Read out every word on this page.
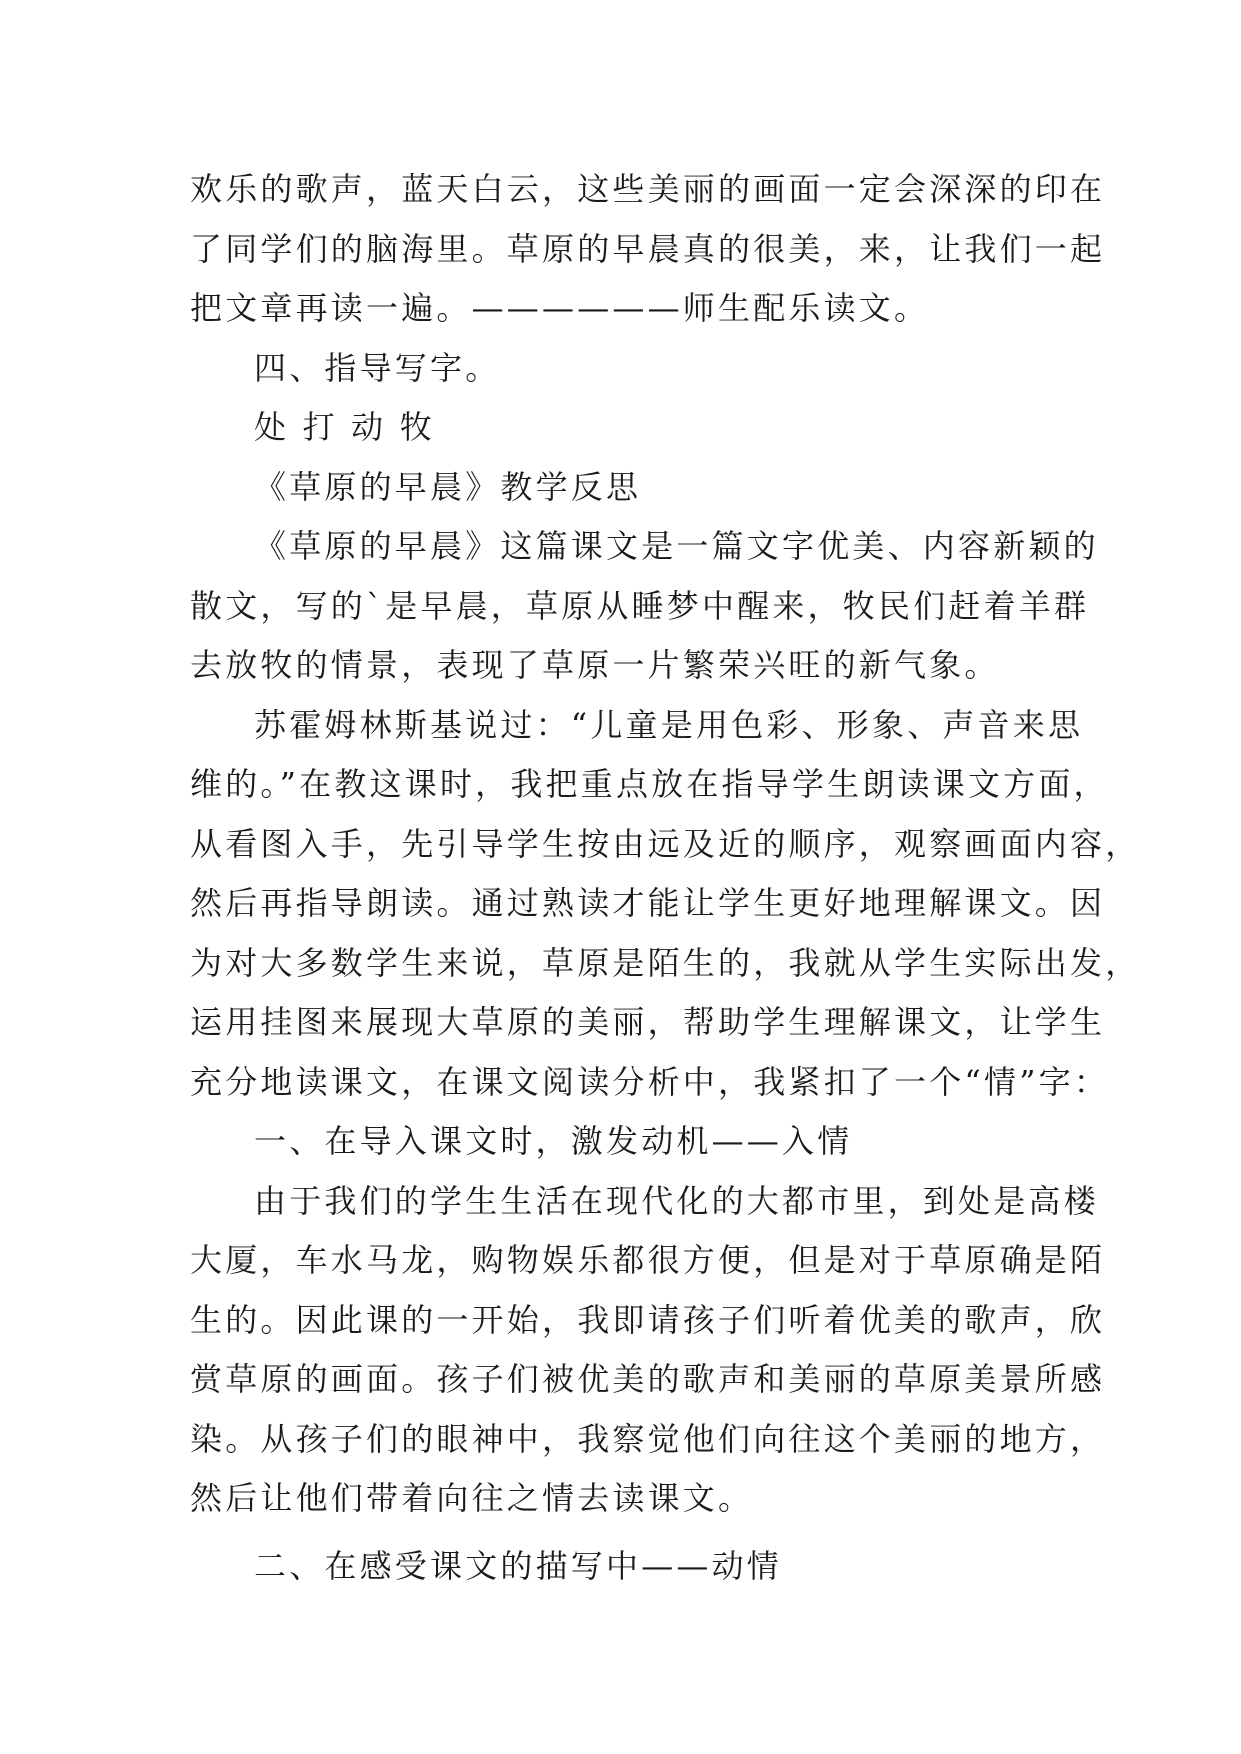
欢乐的歌声，蓝天白云，这些美丽的画面一定会深深的印在
了同学们的脑海里。草原的早晨真的很美，来，让我们一起
把文章再读一遍。——————师生配乐读文。
四、指导写字。
处 打 动 牧
《草原的早晨》教学反思
《草原的早晨》这篇课文是一篇文字优美、内容新颖的
散文，写的`是早晨，草原从睡梦中醒来，牧民们赶着羊群
去放牧的情景，表现了草原一片繁荣兴旺的新气象。
苏霍姆林斯基说过：“儿童是用色彩、形象、声音来思
维的。”在教这课时，我把重点放在指导学生朗读课文方面，
从看图入手，先引导学生按由远及近的顺序，观察画面内容，
然后再指导朗读。通过熟读才能让学生更好地理解课文。因
为对大多数学生来说，草原是陌生的，我就从学生实际出发，
运用挂图来展现大草原的美丽，帮助学生理解课文，让学生
充分地读课文，在课文阅读分析中，我紧扣了一个“情”字：
一、在导入课文时，激发动机——入情
由于我们的学生生活在现代化的大都市里，到处是高楼
大厦，车水马龙，购物娱乐都很方便，但是对于草原确是陌
生的。因此课的一开始，我即请孩子们听着优美的歌声，欣
赏草原的画面。孩子们被优美的歌声和美丽的草原美景所感
染。从孩子们的眼神中，我察觉他们向往这个美丽的地方，
然后让他们带着向往之情去读课文。
二、在感受课文的描写中——动情
